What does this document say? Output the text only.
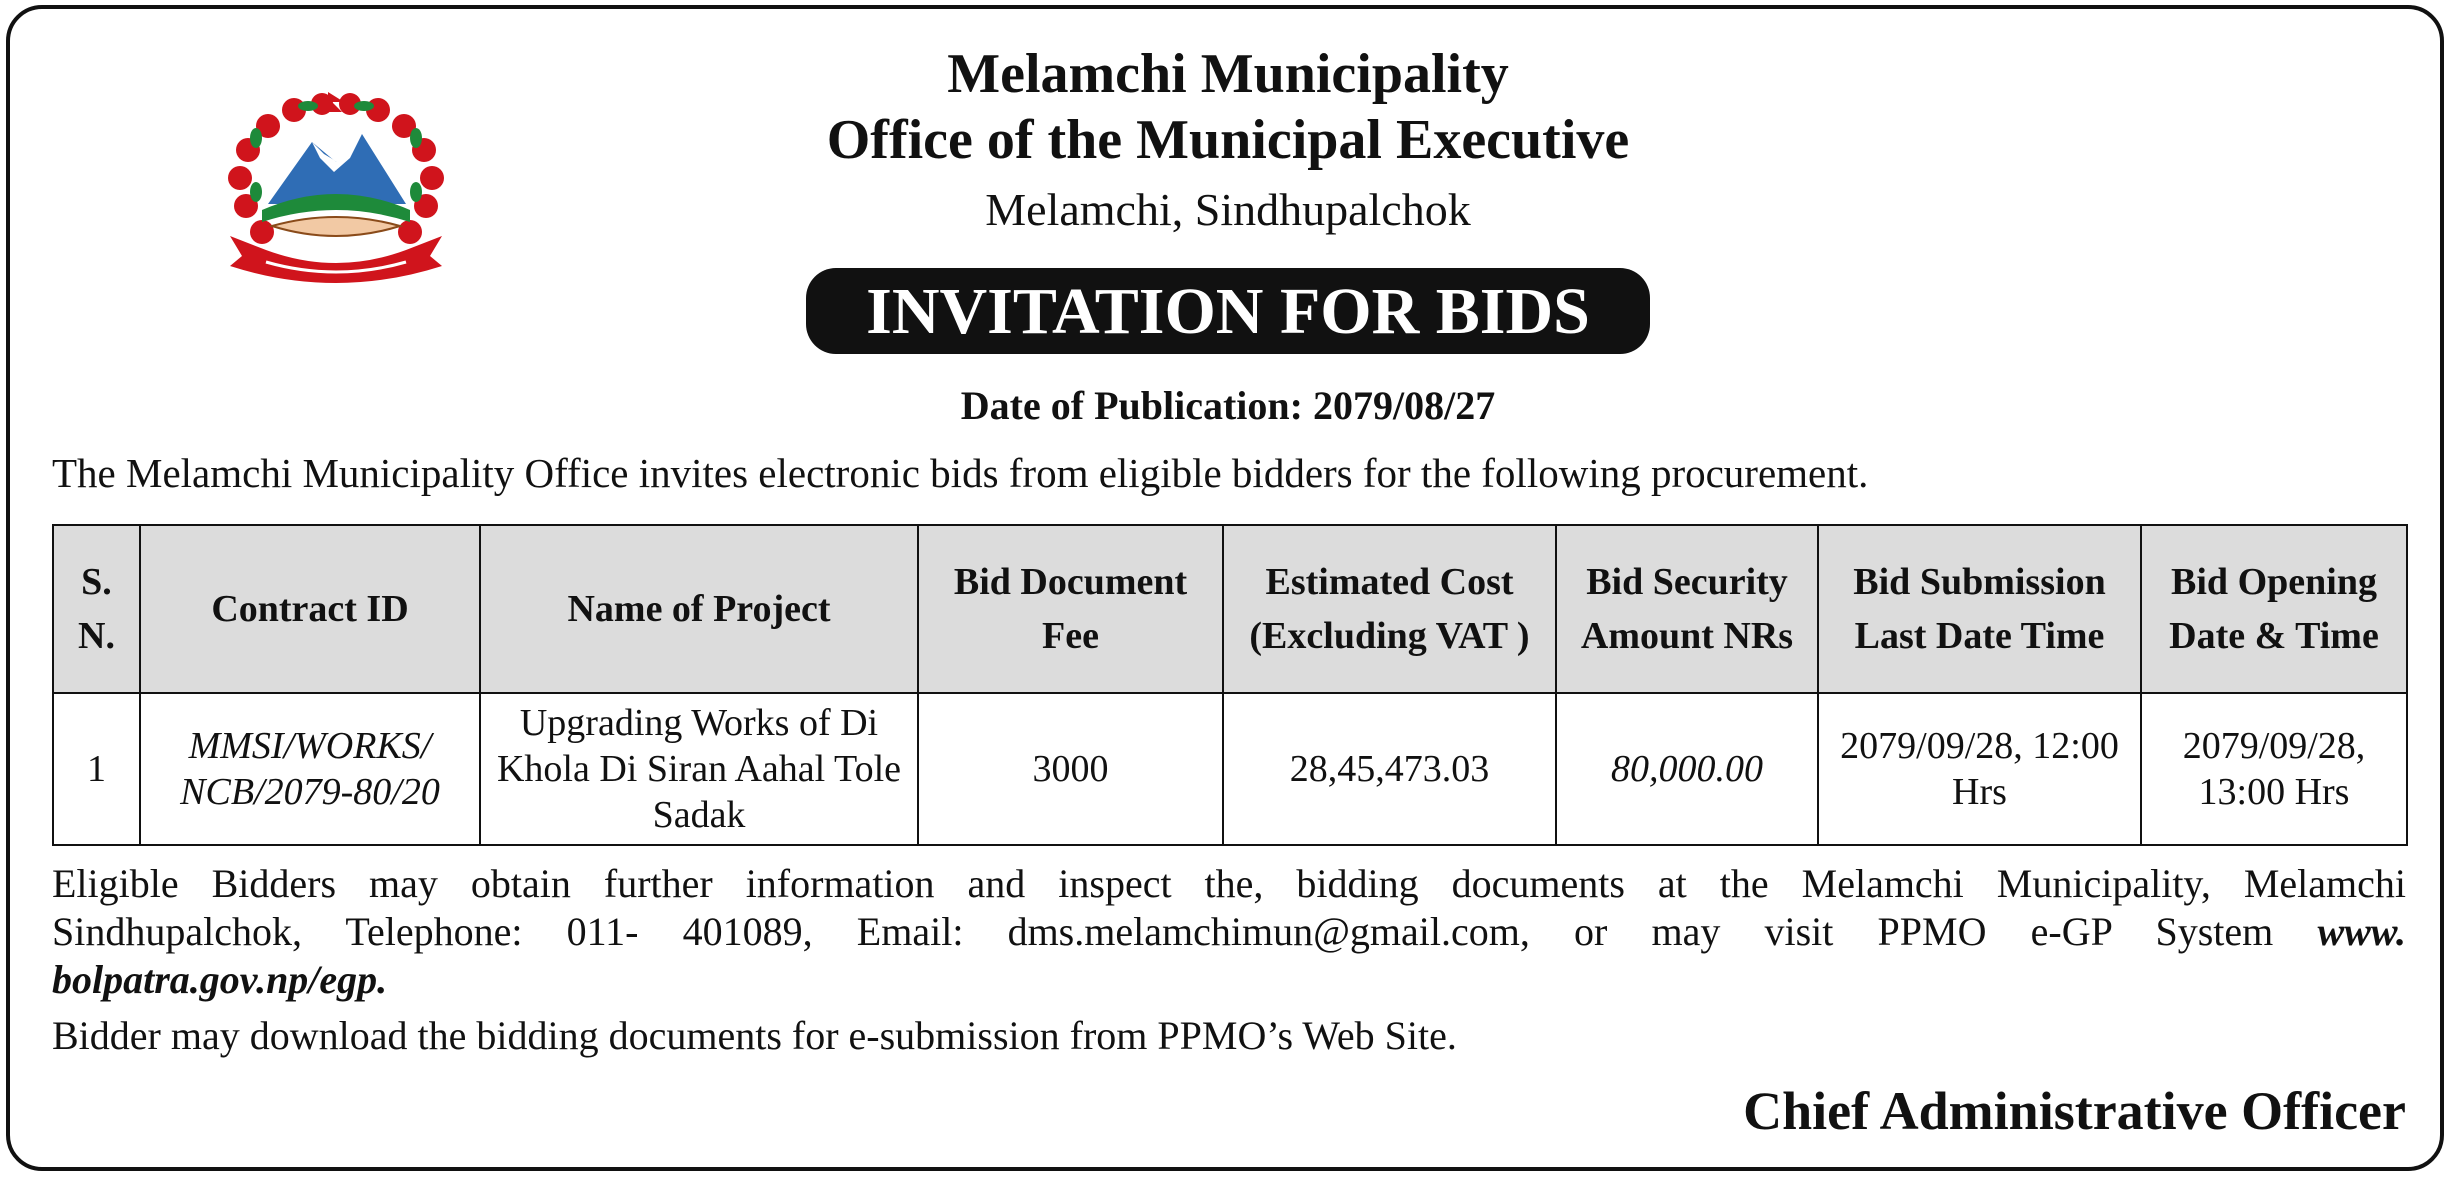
Melamchi Municipality
Office of the Municipal Executive
Melamchi, Sindhupalchok
INVITATION FOR BIDS
Date of Publication: 2079/08/27
The Melamchi Municipality Office invites electronic bids from eligible bidders for the following procurement.
S. N.	Contract ID	Name of Project	Bid Document Fee	Estimated Cost (Excluding VAT )	Bid Security Amount NRs	Bid Submission Last Date Time	Bid Opening Date & Time
1	MMSI/WORKS/ NCB/2079-80/20	Upgrading Works of Di Khola Di Siran Aahal Tole Sadak	3000	28,45,473.03	80,000.00	2079/09/28, 12:00 Hrs	2079/09/28, 13:00 Hrs
Eligible Bidders may obtain further information and inspect the, bidding documents at the Melamchi Municipality, Melamchi
Sindhupalchok, Telephone: 011- 401089, Email: dms.melamchimun@gmail.com, or may visit PPMO e-GP System www.
bolpatra.gov.np/egp.
Bidder may download the bidding documents for e-submission from PPMO’s Web Site.
Chief Administrative Officer
